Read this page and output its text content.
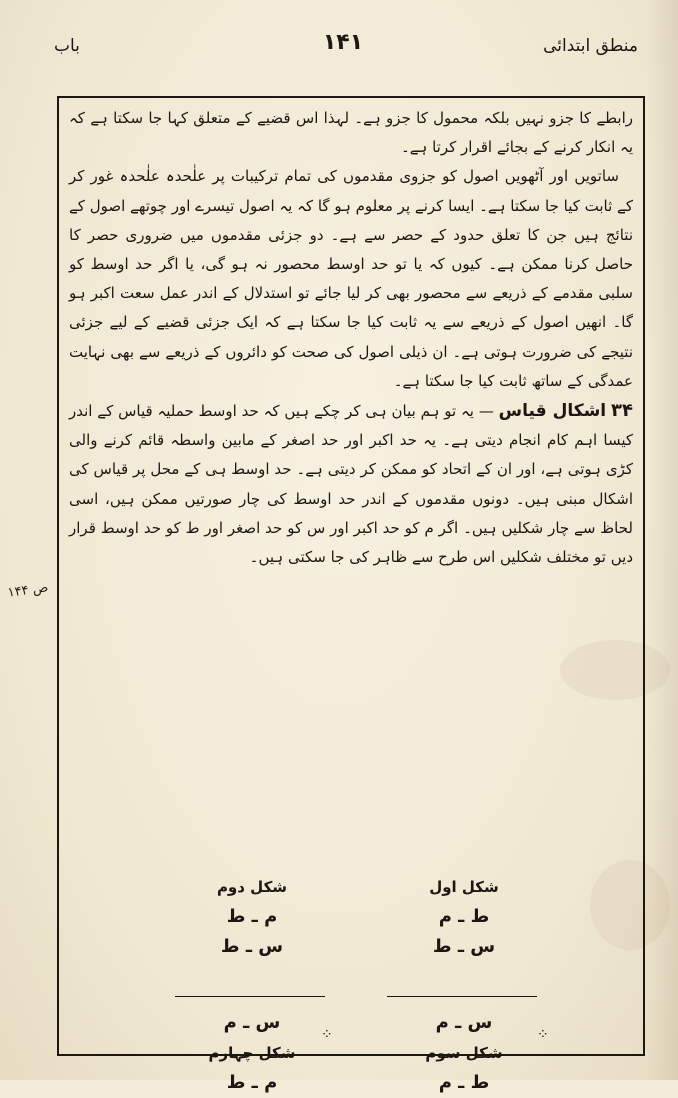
باب	۱۴۱	منطق ابتدائی
ص ۱۴۴

رابطے کا جزو نہیں بلکہ محمول کا جزو ہے۔ لہذا اس قضیے کے متعلق کہا جا سکتا ہے کہ یہ انکار کرنے کے بجائے اقرار کرتا ہے۔

ساتویں اور آٹھویں اصول کو جزوی مقدموں کی تمام ترکیبات پر علٰحدہ علٰحدہ غور کر کے ثابت کیا جا سکتا ہے۔ ایسا کرنے پر معلوم ہو گا کہ یہ اصول تیسرے اور چوتھے اصول کے نتائج ہیں جن کا تعلق حدود کے حصر سے ہے۔ دو جزئی مقدموں میں ضروری حصر کا حاصل کرنا ممکن ہے۔ کیوں کہ یا تو حد اوسط محصور نہ ہو گی، یا اگر حد اوسط کو سلبی مقدمے کے ذریعے سے محصور بھی کر لیا جائے تو استدلال کے اندر عمل سعت اکبر ہو گا۔ انھیں اصول کے ذریعے سے یہ ثابت کیا جا سکتا ہے کہ ایک جزئی قضیے کے لیے جزئی نتیجے کی ضرورت ہوتی ہے۔ ان ذیلی اصول کی صحت کو دائروں کے ذریعے سے بھی نہایت عمدگی کے ساتھ ثابت کیا جا سکتا ہے۔

۳۴ اشکال قیاس — یہ تو ہم بیان ہی کر چکے ہیں کہ حد اوسط حملیہ قیاس کے اندر کیسا اہم کام انجام دیتی ہے۔ یہ حد اکبر اور حد اصغر کے مابین واسطہ قائم کرنے والی کڑی ہوتی ہے، اور ان کے اتحاد کو ممکن کر دیتی ہے۔ حد اوسط ہی کے محل پر قیاس کی اشکال مبنی ہیں۔ دونوں مقدموں کے اندر حد اوسط کی چار صورتیں ممکن ہیں، اسی لحاظ سے چار شکلیں ہیں۔ اگر م کو حد اکبر اور س کو حد اصغر اور ط کو حد اوسط قرار دیں تو مختلف شکلیں اس طرح سے ظاہر کی جا سکتی ہیں۔

شکل اول
ط ـ م
س ـ ط
شکل دوم
م ـ ط
س ـ ط
⁘	⁘
س ـ م
شکل سوم
ط ـ م
س ـ م
شکل چہارم
م ـ ط
